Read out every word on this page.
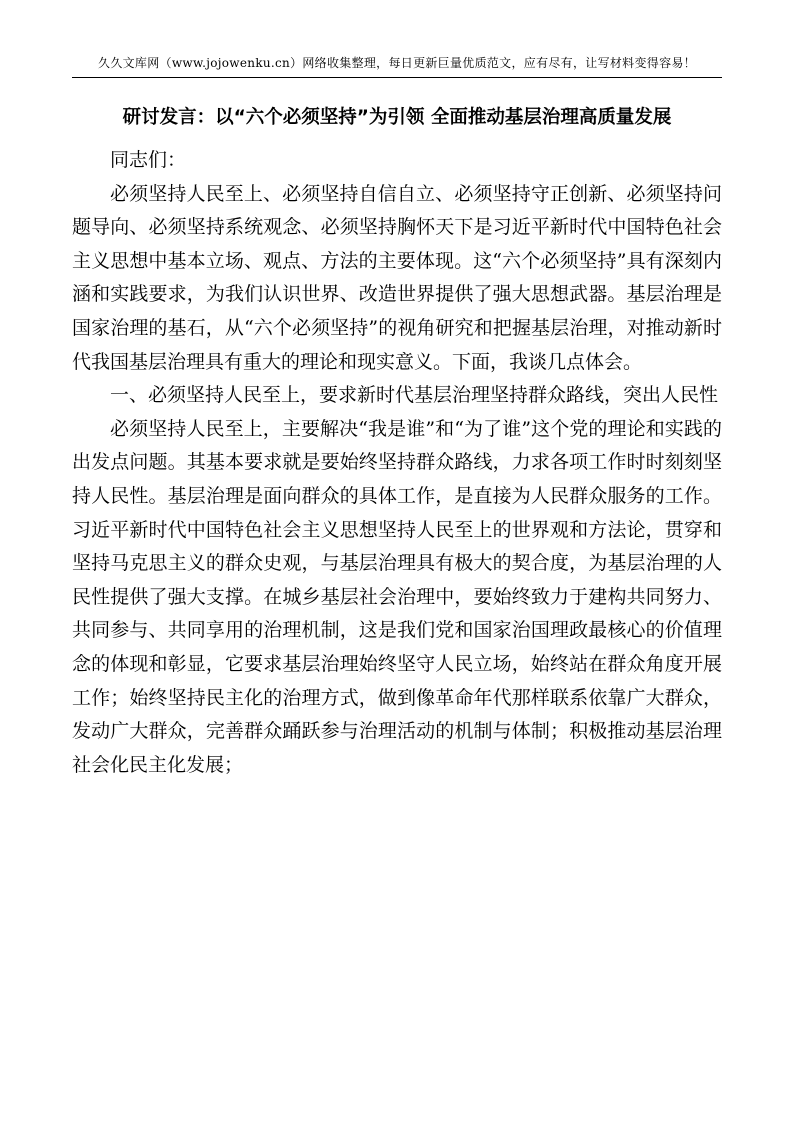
久久文库网（www.jojowenku.cn）网络收集整理，每日更新巨量优质范文，应有尽有，让写材料变得容易！
研讨发言：以“六个必须坚持”为引领 全面推动基层治理高质量发展

同志们：

必须坚持人民至上、必须坚持自信自立、必须坚持守正创新、必须坚持问题导向、必须坚持系统观念、必须坚持胸怀天下是习近平新时代中国特色社会主义思想中基本立场、观点、方法的主要体现。这“六个必须坚持”具有深刻内涵和实践要求，为我们认识世界、改造世界提供了强大思想武器。基层治理是国家治理的基石，从“六个必须坚持”的视角研究和把握基层治理，对推动新时代我国基层治理具有重大的理论和现实意义。下面，我谈几点体会。

一、必须坚持人民至上，要求新时代基层治理坚持群众路线，突出人民性

必须坚持人民至上，主要解决“我是谁”和“为了谁”这个党的理论和实践的出发点问题。其基本要求就是要始终坚持群众路线，力求各项工作时时刻刻坚持人民性。基层治理是面向群众的具体工作，是直接为人民群众服务的工作。习近平新时代中国特色社会主义思想坚持人民至上的世界观和方法论，贯穿和坚持马克思主义的群众史观，与基层治理具有极大的契合度，为基层治理的人民性提供了强大支撑。在城乡基层社会治理中，要始终致力于建构共同努力、共同参与、共同享用的治理机制，这是我们党和国家治国理政最核心的价值理念的体现和彰显，它要求基层治理始终坚守人民立场，始终站在群众角度开展工作；始终坚持民主化的治理方式，做到像革命年代那样联系依靠广大群众，发动广大群众，完善群众踊跃参与治理活动的机制与体制；积极推动基层治理社会化民主化发展；
